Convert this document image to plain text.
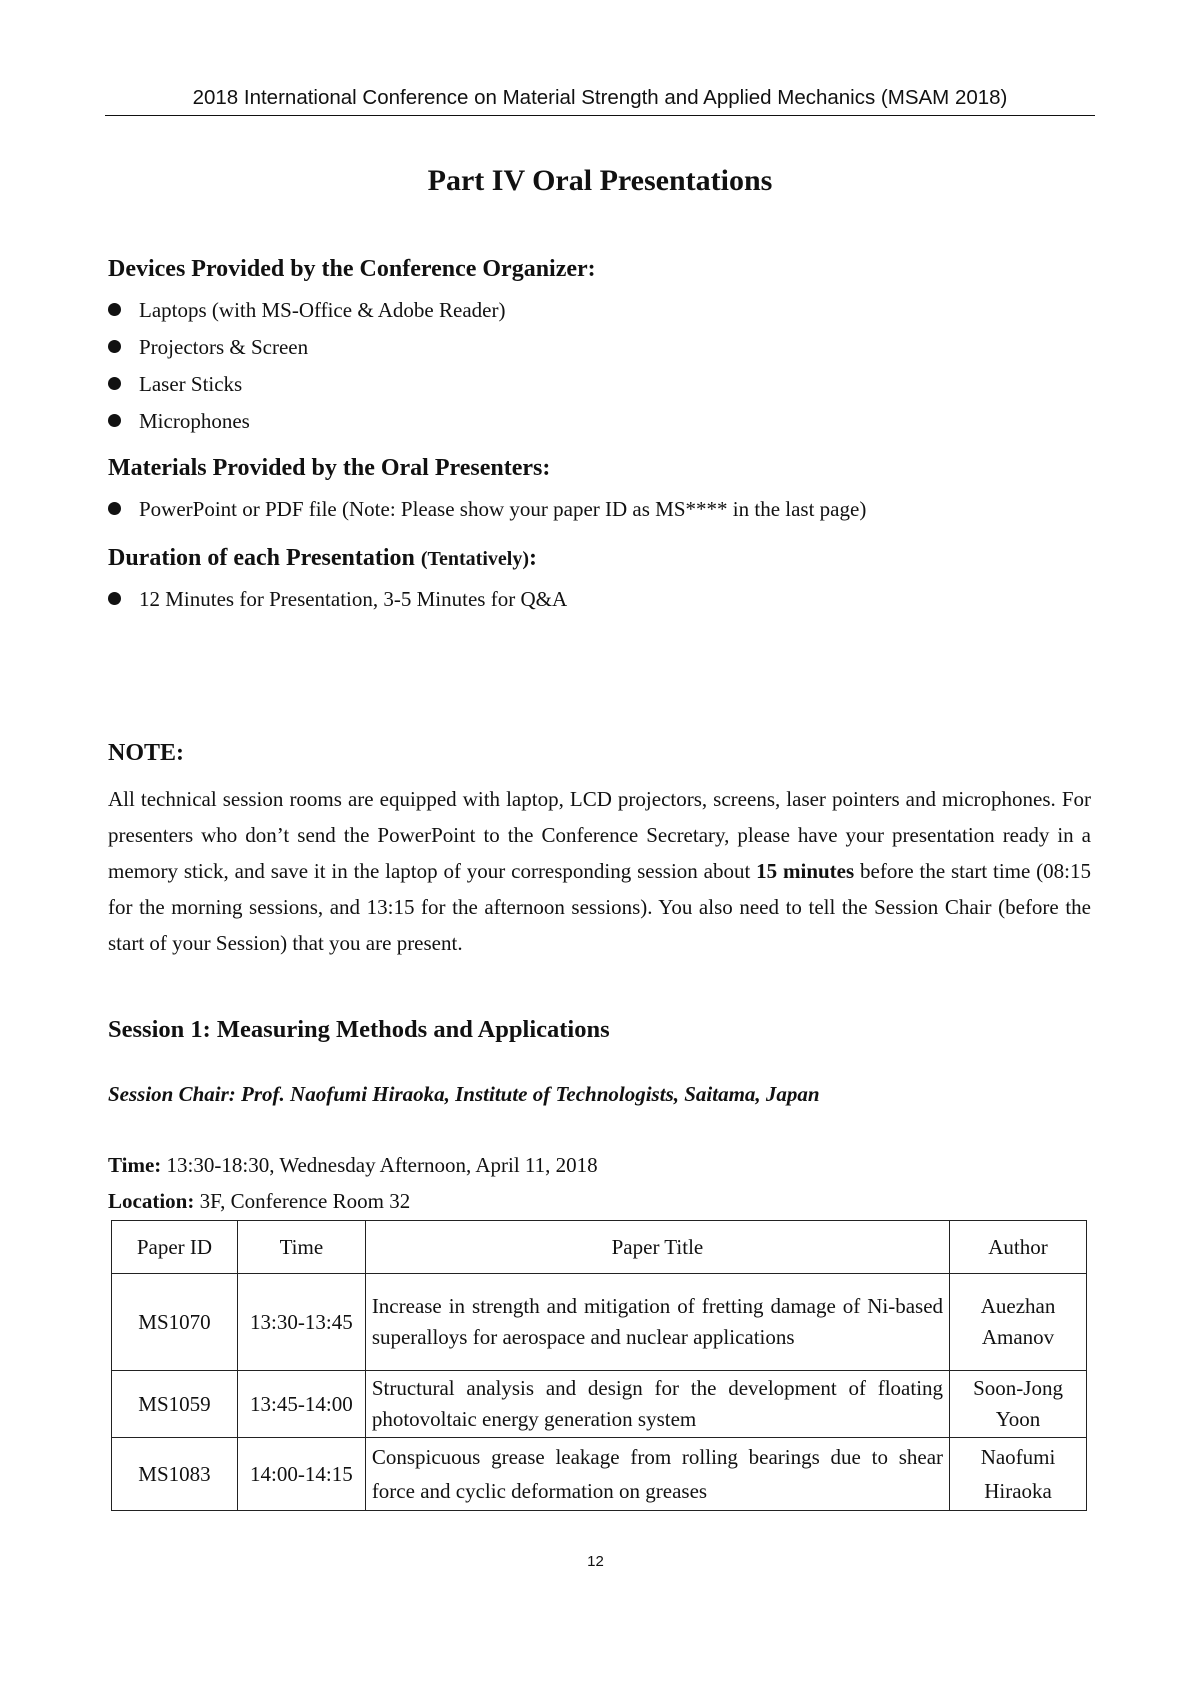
2018 International Conference on Material Strength and Applied Mechanics (MSAM 2018)
Part IV Oral Presentations
Devices Provided by the Conference Organizer:
Laptops (with MS-Office & Adobe Reader)
Projectors & Screen
Laser Sticks
Microphones
Materials Provided by the Oral Presenters:
PowerPoint or PDF file (Note: Please show your paper ID as MS**** in the last page)
Duration of each Presentation (Tentatively):
12 Minutes for Presentation, 3-5 Minutes for Q&A
NOTE:
All technical session rooms are equipped with laptop, LCD projectors, screens, laser pointers and microphones. For presenters who don’t send the PowerPoint to the Conference Secretary, please have your presentation ready in a memory stick, and save it in the laptop of your corresponding session about 15 minutes before the start time (08:15 for the morning sessions, and 13:15 for the afternoon sessions). You also need to tell the Session Chair (before the start of your Session) that you are present.
Session 1: Measuring Methods and Applications
Session Chair: Prof. Naofumi Hiraoka, Institute of Technologists, Saitama, Japan
Time: 13:30-18:30, Wednesday Afternoon, April 11, 2018
Location: 3F, Conference Room 32
Paper ID	Time	Paper Title	Author
MS1070	13:30-13:45	Increase in strength and mitigation of fretting damage of Ni-based superalloys for aerospace and nuclear applications	Auezhan
Amanov
MS1059	13:45-14:00	Structural analysis and design for the development of floating photovoltaic energy generation system	Soon-Jong
Yoon
MS1083	14:00-14:15	Conspicuous grease leakage from rolling bearings due to shear force and cyclic deformation on greases	Naofumi
Hiraoka
12
